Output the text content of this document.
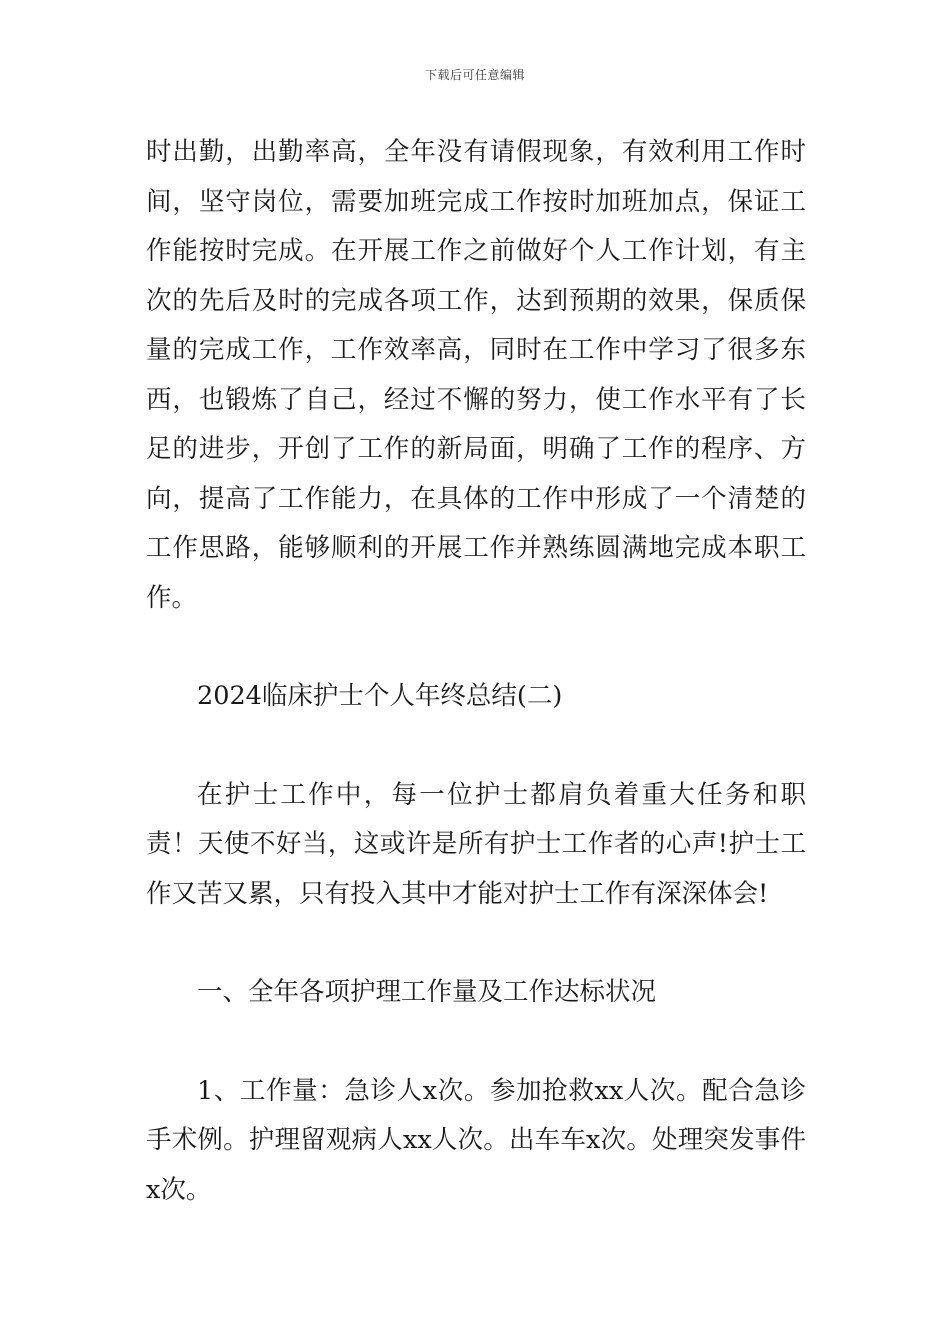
下载后可任意编辑

时出勤，出勤率高，全年没有请假现象，有效利用工作时间，坚守岗位，需要加班完成工作按时加班加点，保证工作能按时完成。在开展工作之前做好个人工作计划，有主次的先后及时的完成各项工作，达到预期的效果，保质保量的完成工作，工作效率高，同时在工作中学习了很多东西，也锻炼了自己，经过不懈的努力，使工作水平有了长足的进步，开创了工作的新局面，明确了工作的程序、方向，提高了工作能力，在具体的工作中形成了一个清楚的工作思路，能够顺利的开展工作并熟练圆满地完成本职工作。

2024临床护士个人年终总结(二)

在护士工作中，每一位护士都肩负着重大任务和职责！天使不好当，这或许是所有护士工作者的心声!护士工作又苦又累，只有投入其中才能对护士工作有深深体会!

一、全年各项护理工作量及工作达标状况

1、工作量：急诊人x次。参加抢救xx人次。配合急诊手术例。护理留观病人xx人次。出车车x次。处理突发事件x次。
